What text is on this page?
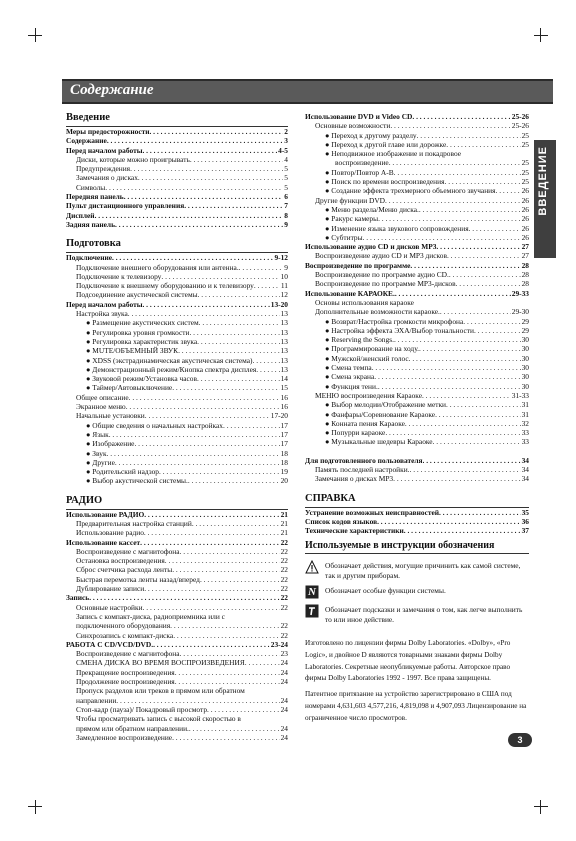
Содержание
ВВЕДЕНИЕ
Введение
Меры предосторожности . . .	2
Содержание . . .	3
Перед началом работы . . .	4-5
Диски, которые можно проигрывать . . .	4
Предупреждения . . .	5
Замечания о дисках . . .	5
Символы . . .	5
Передняя панель . . .	6
Пульт дистанционного управления . . .	7
Дисплей . . .	8
Задняя панель . . .	9
Подготовка
Подключение . . .	9-12
Подключение внешнего оборудования или антенна. . . .	9
Подключение к телевизору . . .	10
Подключение к внешнему оборудованию и к телевизору . . .	11
Подсоединение акустической системы . . .	12
Перед началом работы . . .	13-20
Настройка звука . . .	13
● Размещение акустических систем . . .	13
● Регулировка уровня громкости . . .	13
● Регулировка характеристик звука . . .	13
● MUTE/ОБЪЕМНЫЙ ЗВУК . . .	13
● XDSS (экстрадинамическая акустическая система) . . .	13
● Демонстрационный режим/Кнопка спектра дисплея . . .	13
● Звуковой режим/Установка часов . . .	14
● Таймер/Автовыключение . . .	15
Общее описание . . .	16
Экранное меню . . .	16
Начальные установки . . .	17-20
● Общие сведения о начальных настройках . . .	17
● Язык . . .	17
● Изображение . . .	17
● Звук . . .	18
● Другие . . .	18
● Родительский надзор . . .	19
● Выбор акустической системы. . . .	20
РАДИО
Использование РАДИО . . .	21
Предварительная настройка станций . . .	21
Использование радио . . .	21
Использование кассет . . .	22
Воспроизведение с магнитофона . . .	22
Остановка воспроизведения . . .	22
Сброс счетчика расхода ленты . . .	22
Быстрая перемотка ленты назад/вперед . . .	22
Дублирование записи . . .	22
Запись . . .	22
Основные настройки . . .	22
Запись с компакт-диска, радиоприемника или с
подключенного оборудования . . .	22
Синхрозапись с компакт-диска . . .	22
РАБОТА С CD/VCD/DVD. . . .	23-24
Воспроизведение с магнитофона . . .	23
СМЕНА ДИСКА ВО ВРЕМЯ ВОСПРОИЗВЕДЕНИЯ . . .	24
Прекращение воспроизведения . . .	24
Продолжение воспроизведения . . .	24
Пропуск разделов или треков в прямом или обратном
направлении . . .	24
Стоп-кадр (пауза)/ Покадровый просмотр . . .	24
Чтобы просматривать запись с высокой скоростью в
прямом или обратном направлении. . . .	24
Замедленное воспроизведение . . .	24
Использование DVD и Video CD . . .	25-26
Основные возможности . . .	25-26
● Переход к другому разделу . . .	25
● Переход к другой главе или дорожке . . .	25
● Неподвижное изображение и покадровое
воспроизведение . . .	25
● Повтор/Повтор A-B . . .	25
● Поиск по времени воспроизведения . . .	25
● Создание эффекта трехмерного объемного звучания . . .	26
Другие функции DVD . . .	26
● Меню раздела/Меню диска. . . .	26
● Ракурс камеры . . .	26
● Изменение языка звукового сопровождения . . .	26
● Субтитры . . .	26
Использование аудио CD и дисков MP3 . . .	27
Воспроизведение аудио CD и MP3 дисков . . .	27
Воспроизведение по программе . . .	28
Воспроизведение по программе аудио CD. . . .	28
Воспроизведение по программе MP3-дисков . . .	28
Использование КАРАОКЕ. . . .	29-33
Основы использования караоке
Дополнительные возможности караоке. . . .	29-30
● Возврат/Настройка громкости микрофона . . .	29
● Настройка эффекта ЭХА/Выбор тональности . . .	29
● Reserving the Songs. . . .	30
● Программирование на ходу. . . .	30
● Мужской/женский голос . . .	30
● Смена темпа . . .	30
● Смена экрана . . .	30
● Функция тени. . . .	30
МЕНЮ воспроизведения Караоке . . .	31-33
● Выбор мелодии/Отображение метки . . .	31
● Фанфары/Соревнование Караоке . . .	31
● Конната пения Караоке . . .	32
● Попурри караоке . . .	33
● Музыкальные шедевры Караоке . . .	33
Для подготовленного пользователя . . .	34
Память последней настройки. . . .	34
Замечания о дисках MP3 . . .	34
СПРАВКА
Устранение возможных неисправностей . . .	35
Список кодов языков . . .	36
Технические характеристики . . .	37
Используемые в инструкции обозначения
Обозначает действия, могущие причинить как самой системе, так и другим приборам.
N Обозначает особые функции системы.
Обозначает подсказки и замечания о том, как легче выполнить то или иное действие.

Изготовлено по лицензии фирмы Dolby Laboratories. «Dolby», «Pro Logic», и двойное D являются товарными знаками фирмы Dolby Laboratories. Секретные неопубликуемые работы. Авторское право фирмы Dolby Laboratories 1992 - 1997. Все права защищены.

Патентное притязание на устройство зарегистрировано в США под номерами 4,631,603 4,577,216, 4,819,098 и 4,907,093 Лицензирование на ограниченное число просмотров.

3
